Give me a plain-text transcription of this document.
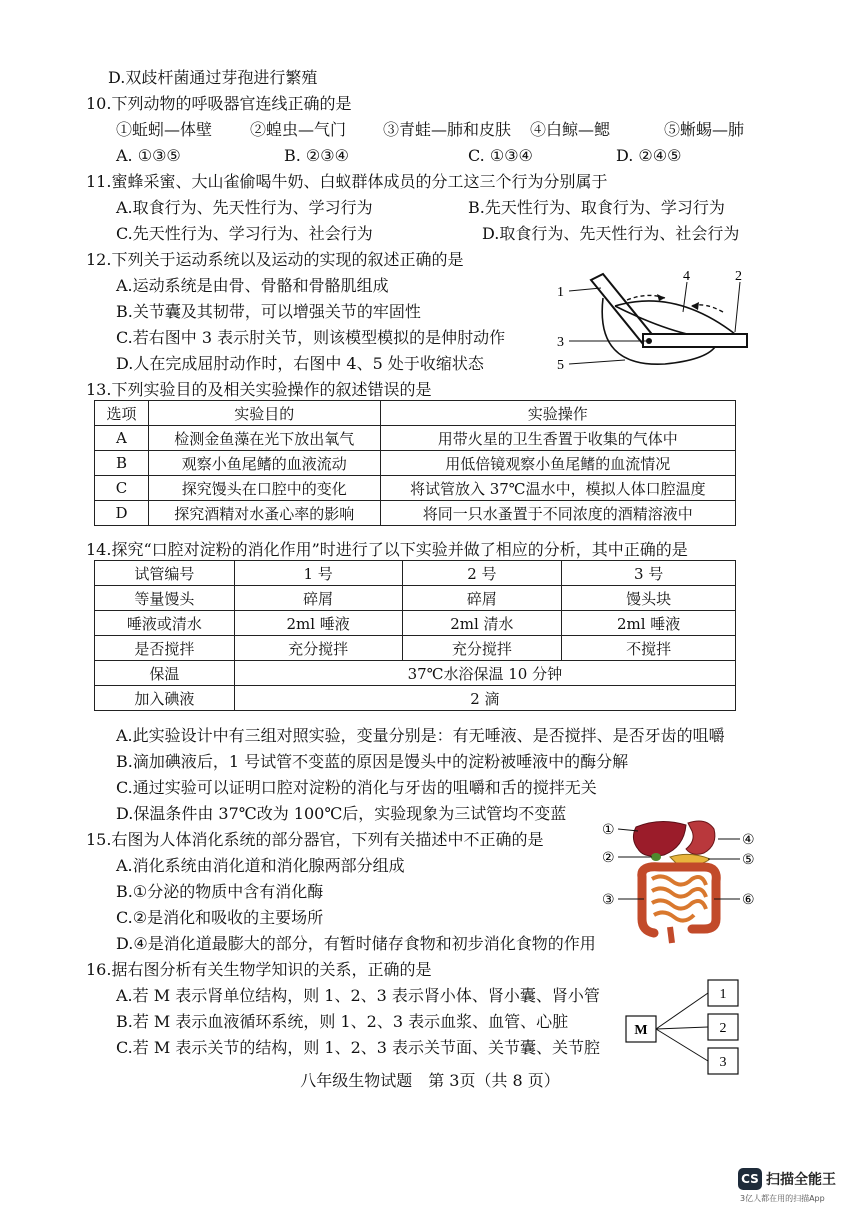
D.双歧杆菌通过芽孢进行繁殖
10.下列动物的呼吸器官连线正确的是
①蚯蚓—体壁 ②蝗虫—气门 ③青蛙—肺和皮肤 ④白鲸—鳃	⑤蜥蜴—肺
A. ①③⑤	B. ②③④	C. ①③④	D. ②④⑤
11.蜜蜂采蜜、大山雀偷喝牛奶、白蚁群体成员的分工这三个行为分别属于
A.取食行为、先天性行为、学习行为	B.先天性行为、取食行为、学习行为
C.先天性行为、学习行为、社会行为	D.取食行为、先天性行为、社会行为
12.下列关于运动系统以及运动的实现的叙述正确的是
A.运动系统是由骨、骨骼和骨骼肌组成
B.关节囊及其韧带，可以增强关节的牢固性
C.若右图中 3 表示肘关节，则该模型模拟的是伸肘动作
D.人在完成屈肘动作时，右图中 4、5 处于收缩状态
1
4	2
3
5
13.下列实验目的及相关实验操作的叙述错误的是
选项	实验目的	实验操作
A	检测金鱼藻在光下放出氧气	用带火星的卫生香置于收集的气体中
B	观察小鱼尾鳍的血液流动	用低倍镜观察小鱼尾鳍的血流情况
C	探究馒头在口腔中的变化	将试管放入 37℃温水中，模拟人体口腔温度
D	探究酒精对水蚤心率的影响	将同一只水蚤置于不同浓度的酒精溶液中
14.探究“口腔对淀粉的消化作用”时进行了以下实验并做了相应的分析，其中正确的是
试管编号	1 号	2 号	3 号
等量馒头	碎屑	碎屑	馒头块
唾液或清水	2ml 唾液	2ml 清水	2ml 唾液
是否搅拌	充分搅拌	充分搅拌	不搅拌
保温	37℃水浴保温 10 分钟		
加入碘液	2 滴		
A.此实验设计中有三组对照实验，变量分别是：有无唾液、是否搅拌、是否牙齿的咀嚼
B.滴加碘液后，1 号试管不变蓝的原因是馒头中的淀粉被唾液中的酶分解
C.通过实验可以证明口腔对淀粉的消化与牙齿的咀嚼和舌的搅拌无关
D.保温条件由 37℃改为 100℃后，实验现象为三试管均不变蓝
15.右图为人体消化系统的部分器官，下列有关描述中不正确的是
A.消化系统由消化道和消化腺两部分组成
B.①分泌的物质中含有消化酶
C.②是消化和吸收的主要场所
D.④是消化道最膨大的部分，有暂时储存食物和初步消化食物的作用
①
④
②	⑤
③	⑥
16.据右图分析有关生物学知识的关系，正确的是
A.若 M 表示肾单位结构，则 1、2、3 表示肾小体、肾小囊、肾小管
B.若 M 表示血液循环系统，则 1、2、3 表示血浆、血管、心脏
C.若 M 表示关节的结构，则 1、2、3 表示关节面、关节囊、关节腔
M
1
2
3
八年级生物试题　第 3页（共 8 页）
CS 扫描全能王
3亿人都在用的扫描App
